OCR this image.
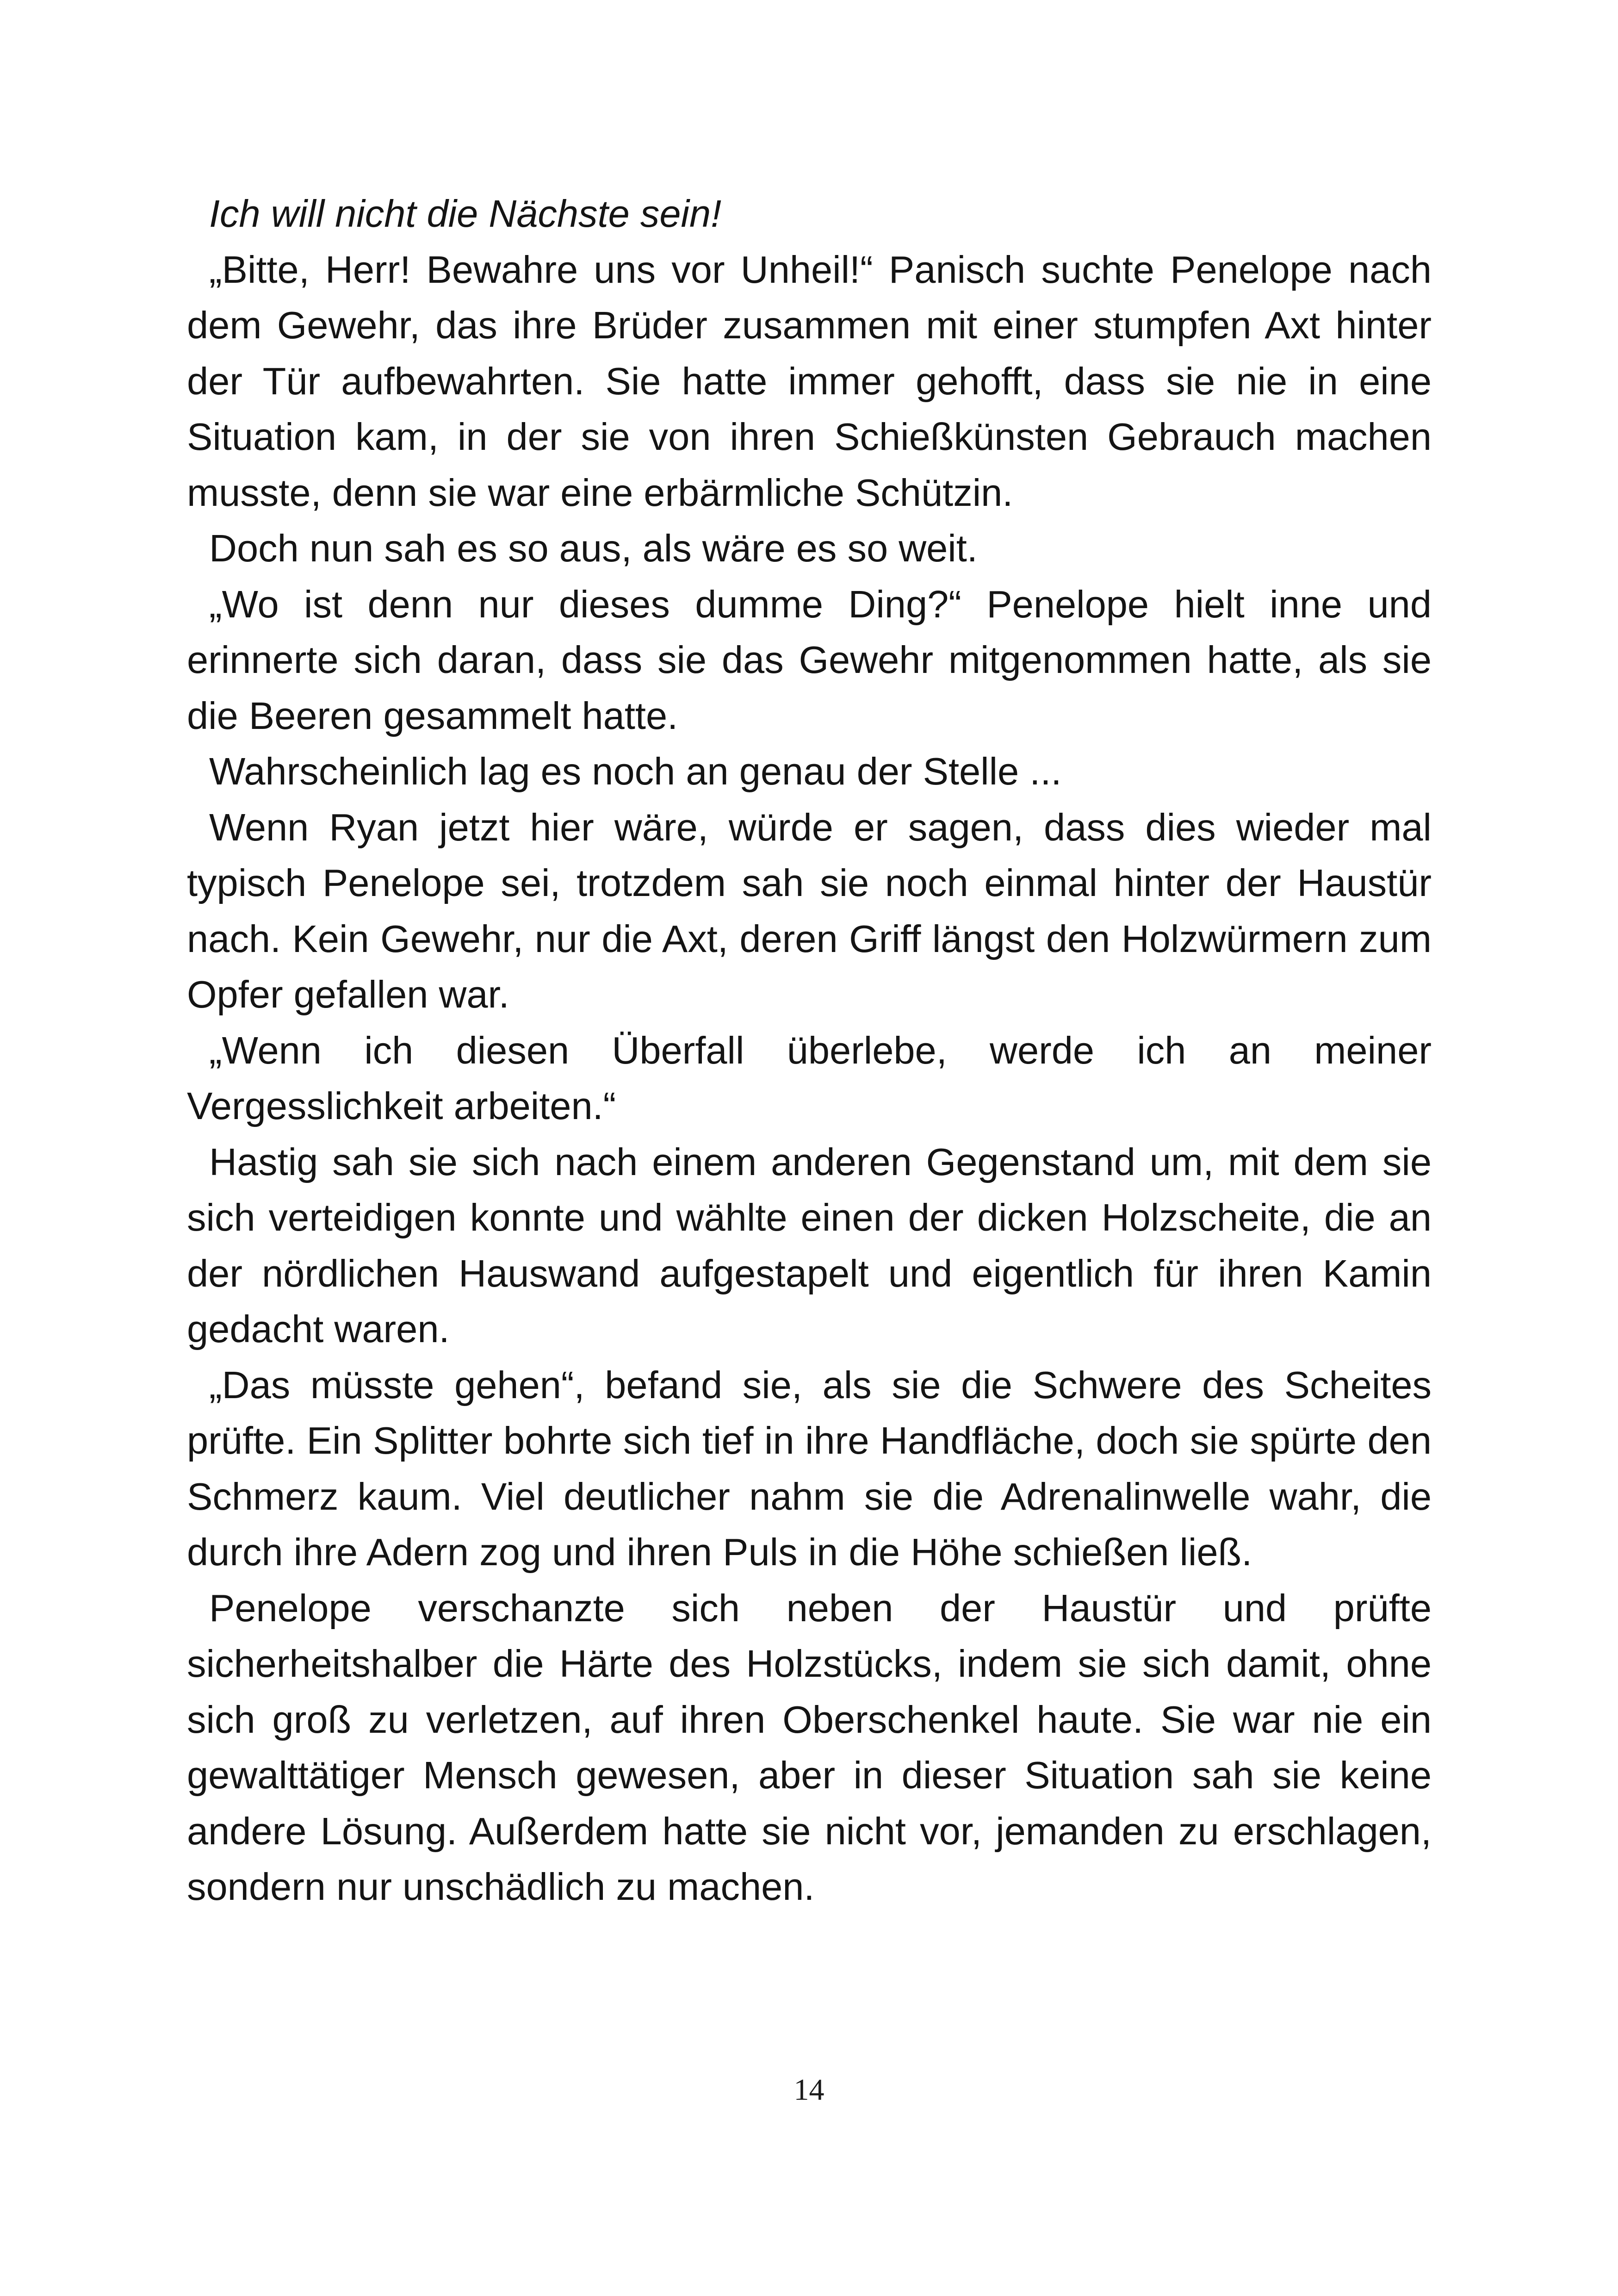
Ich will nicht die Nächste sein!

„Bitte, Herr! Bewahre uns vor Unheil!“ Panisch suchte Penelope nach dem Gewehr, das ihre Brüder zusammen mit einer stumpfen Axt hinter der Tür aufbewahrten. Sie hatte immer gehofft, dass sie nie in eine Situation kam, in der sie von ihren Schießkünsten Gebrauch machen musste, denn sie war eine erbärmliche Schützin.

Doch nun sah es so aus, als wäre es so weit.

„Wo ist denn nur dieses dumme Ding?“ Penelope hielt inne und erinnerte sich daran, dass sie das Gewehr mitgenommen hatte, als sie die Beeren gesammelt hatte.

Wahrscheinlich lag es noch an genau der Stelle ...

Wenn Ryan jetzt hier wäre, würde er sagen, dass dies wieder mal typisch Penelope sei, trotzdem sah sie noch einmal hinter der Haustür nach. Kein Gewehr, nur die Axt, deren Griff längst den Holzwürmern zum Opfer gefallen war.

„Wenn ich diesen Überfall überlebe, werde ich an meiner Vergesslichkeit arbeiten.“

Hastig sah sie sich nach einem anderen Gegenstand um, mit dem sie sich verteidigen konnte und wählte einen der dicken Holzscheite, die an der nördlichen Hauswand aufgestapelt und eigentlich für ihren Kamin gedacht waren.

„Das müsste gehen“, befand sie, als sie die Schwere des Scheites prüfte. Ein Splitter bohrte sich tief in ihre Handfläche, doch sie spürte den Schmerz kaum. Viel deutlicher nahm sie die Adrenalinwelle wahr, die durch ihre Adern zog und ihren Puls in die Höhe schießen ließ.

Penelope verschanzte sich neben der Haustür und prüfte sicherheitshalber die Härte des Holzstücks, indem sie sich damit, ohne sich groß zu verletzen, auf ihren Oberschenkel haute. Sie war nie ein gewalttätiger Mensch gewesen, aber in dieser Situation sah sie keine andere Lösung. Außerdem hatte sie nicht vor, jemanden zu erschlagen, sondern nur unschädlich zu machen.

14
